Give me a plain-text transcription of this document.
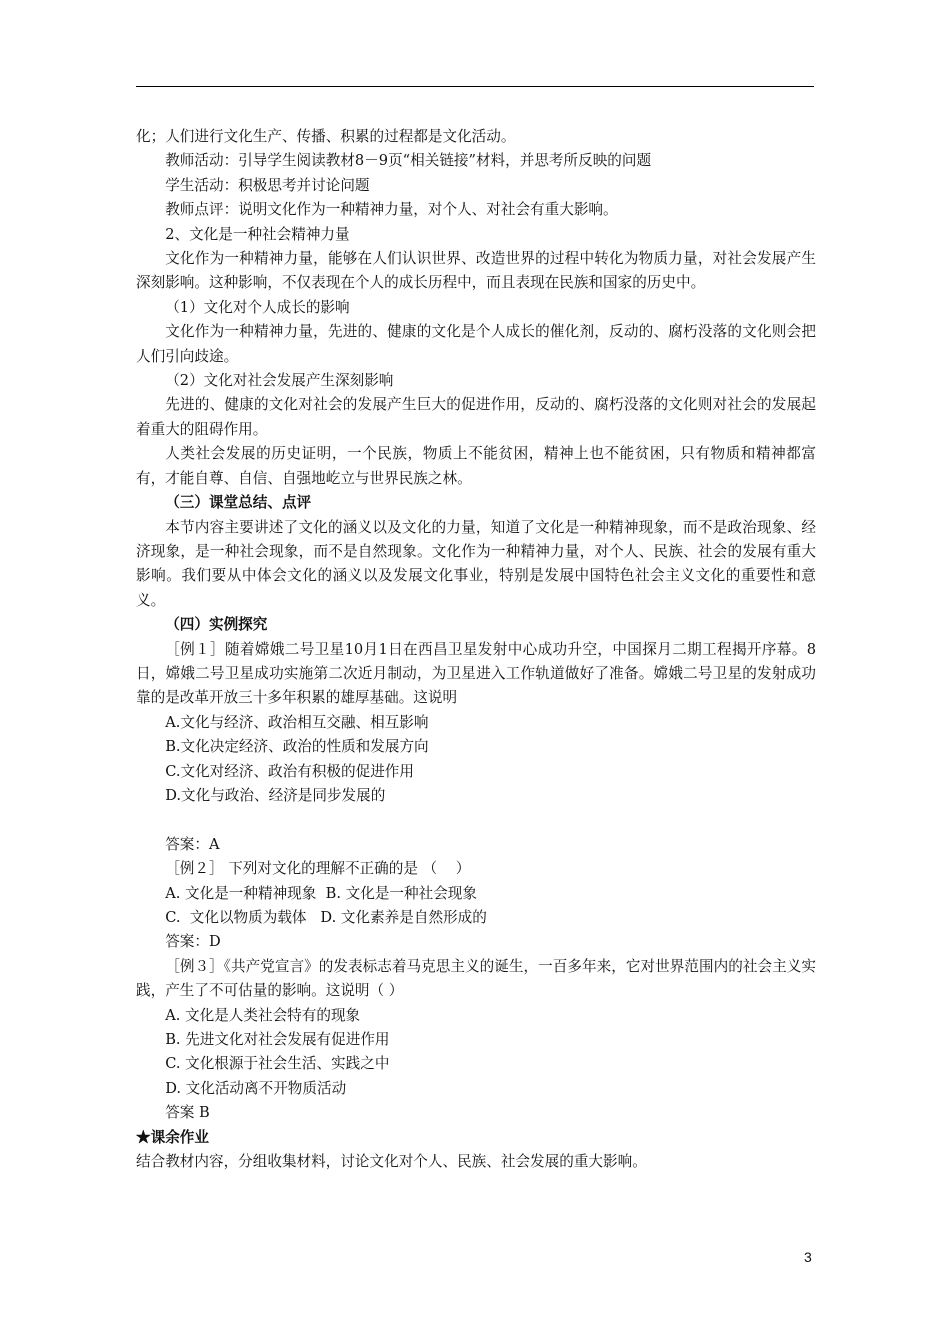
化；人们进行文化生产、传播、积累的过程都是文化活动。

教师活动：引导学生阅读教材8－9页“相关链接”材料，并思考所反映的问题

学生活动：积极思考并讨论问题

教师点评：说明文化作为一种精神力量，对个人、对社会有重大影响。

2、文化是一种社会精神力量

文化作为一种精神力量，能够在人们认识世界、改造世界的过程中转化为物质力量，对社会发展产生深刻影响。这种影响，不仅表现在个人的成长历程中，而且表现在民族和国家的历史中。

（1）文化对个人成长的影响

文化作为一种精神力量，先进的、健康的文化是个人成长的催化剂，反动的、腐朽没落的文化则会把人们引向歧途。

（2）文化对社会发展产生深刻影响

先进的、健康的文化对社会的发展产生巨大的促进作用，反动的、腐朽没落的文化则对社会的发展起着重大的阻碍作用。

人类社会发展的历史证明，一个民族，物质上不能贫困，精神上也不能贫困，只有物质和精神都富有，才能自尊、自信、自强地屹立与世界民族之林。

（三）课堂总结、点评

本节内容主要讲述了文化的涵义以及文化的力量，知道了文化是一种精神现象，而不是政治现象、经济现象，是一种社会现象，而不是自然现象。文化作为一种精神力量，对个人、民族、社会的发展有重大影响。我们要从中体会文化的涵义以及发展文化事业，特别是发展中国特色社会主义文化的重要性和意义。

（四）实例探究

［例１］随着嫦娥二号卫星10月1日在西昌卫星发射中心成功升空，中国探月二期工程揭开序幕。8日，嫦娥二号卫星成功实施第二次近月制动，为卫星进入工作轨道做好了准备。嫦娥二号卫星的发射成功靠的是改革开放三十多年积累的雄厚基础。这说明

A.文化与经济、政治相互交融、相互影响

B.文化决定经济、政治的性质和发展方向

C.文化对经济、政治有积极的促进作用

D.文化与政治、经济是同步发展的

答案：A

［例２］ 下列对文化的理解不正确的是 （    ）

A. 文化是一种精神现象  B. 文化是一种社会现象

C.  文化以物质为载体   D. 文化素养是自然形成的

答案：D

［例３］《共产党宣言》的发表标志着马克思主义的诞生，一百多年来，它对世界范围内的社会主义实践，产生了不可估量的影响。这说明（ ）

A. 文化是人类社会特有的现象

B. 先进文化对社会发展有促进作用

C. 文化根源于社会生活、实践之中

D. 文化活动离不开物质活动

答案 B

★课余作业

结合教材内容，分组收集材料，讨论文化对个人、民族、社会发展的重大影响。

3
